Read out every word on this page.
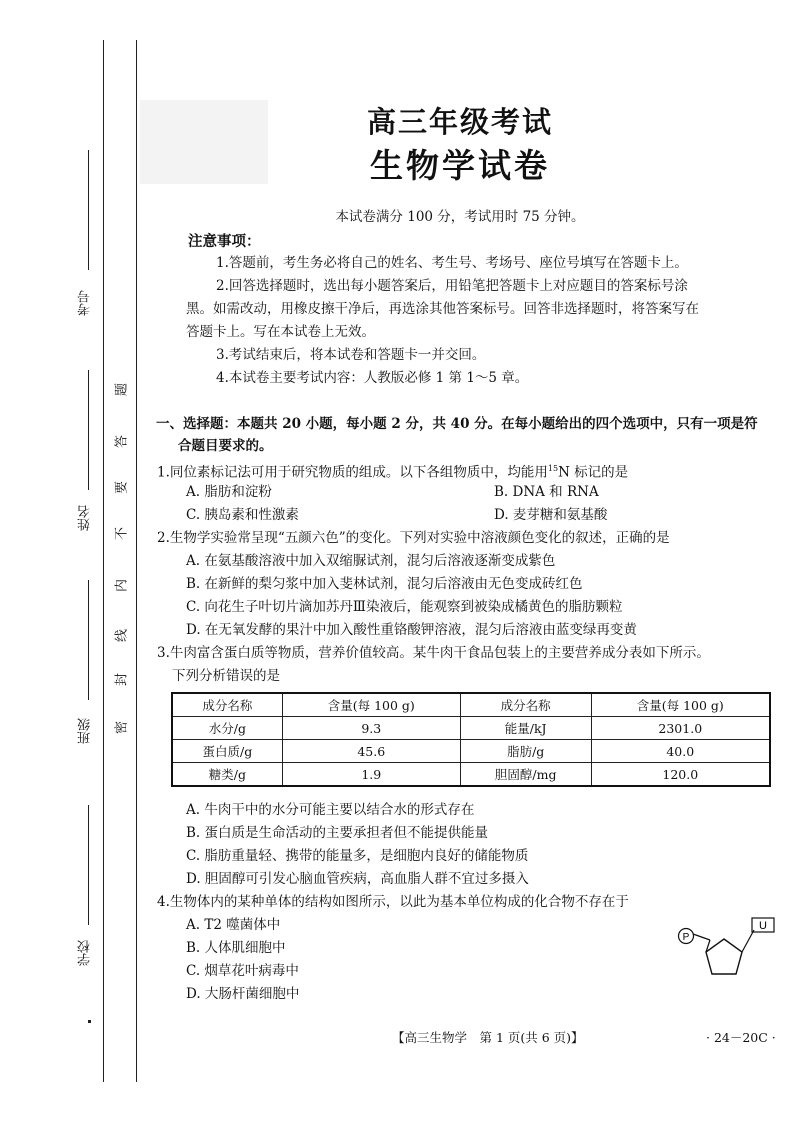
考号
姓名
班级
学校
题
答
要
不
内
线
封
密
高三年级考试
生物学试卷
本试卷满分 100 分，考试用时 75 分钟。
注意事项：
1.答题前，考生务必将自己的姓名、考生号、考场号、座位号填写在答题卡上。
2.回答选择题时，选出每小题答案后，用铅笔把答题卡上对应题目的答案标号涂
黑。如需改动，用橡皮擦干净后，再选涂其他答案标号。回答非选择题时，将答案写在
答题卡上。写在本试卷上无效。
3.考试结束后，将本试卷和答题卡一并交回。
4.本试卷主要考试内容：人教版必修 1 第 1～5 章。
一、选择题：本题共 20 小题，每小题 2 分，共 40 分。在每小题给出的四个选项中，只有一项是符
合题目要求的。
1.同位素标记法可用于研究物质的组成。以下各组物质中，均能用$^{15}$N 标记的是
A. 脂肪和淀粉	B. DNA 和 RNA
C. 胰岛素和性激素	D. 麦芽糖和氨基酸
2.生物学实验常呈现“五颜六色”的变化。下列对实验中溶液颜色变化的叙述，正确的是
A. 在氨基酸溶液中加入双缩脲试剂，混匀后溶液逐渐变成紫色
B. 在新鲜的梨匀浆中加入斐林试剂，混匀后溶液由无色变成砖红色
C. 向花生子叶切片滴加苏丹Ⅲ染液后，能观察到被染成橘黄色的脂肪颗粒
D. 在无氧发酵的果汁中加入酸性重铬酸钾溶液，混匀后溶液由蓝变绿再变黄
3.牛肉富含蛋白质等物质，营养价值较高。某牛肉干食品包装上的主要营养成分表如下所示。
下列分析错误的是
成分名称	含量(每 100 g)	成分名称	含量(每 100 g)
水分/g	9.3	能量/kJ	2301.0
蛋白质/g	45.6	脂肪/g	40.0
糖类/g	1.9	胆固醇/mg	120.0
A. 牛肉干中的水分可能主要以结合水的形式存在
B. 蛋白质是生命活动的主要承担者但不能提供能量
C. 脂肪重量轻、携带的能量多，是细胞内良好的储能物质
D. 胆固醇可引发心脑血管疾病，高血脂人群不宜过多摄入
4.生物体内的某种单体的结构如图所示，以此为基本单位构成的化合物不存在于
A. T2 噬菌体中
B. 人体肌细胞中
C. 烟草花叶病毒中
D. 大肠杆菌细胞中
P
U
【高三生物学　第 1 页(共 6 页)】	· 24－20C ·
